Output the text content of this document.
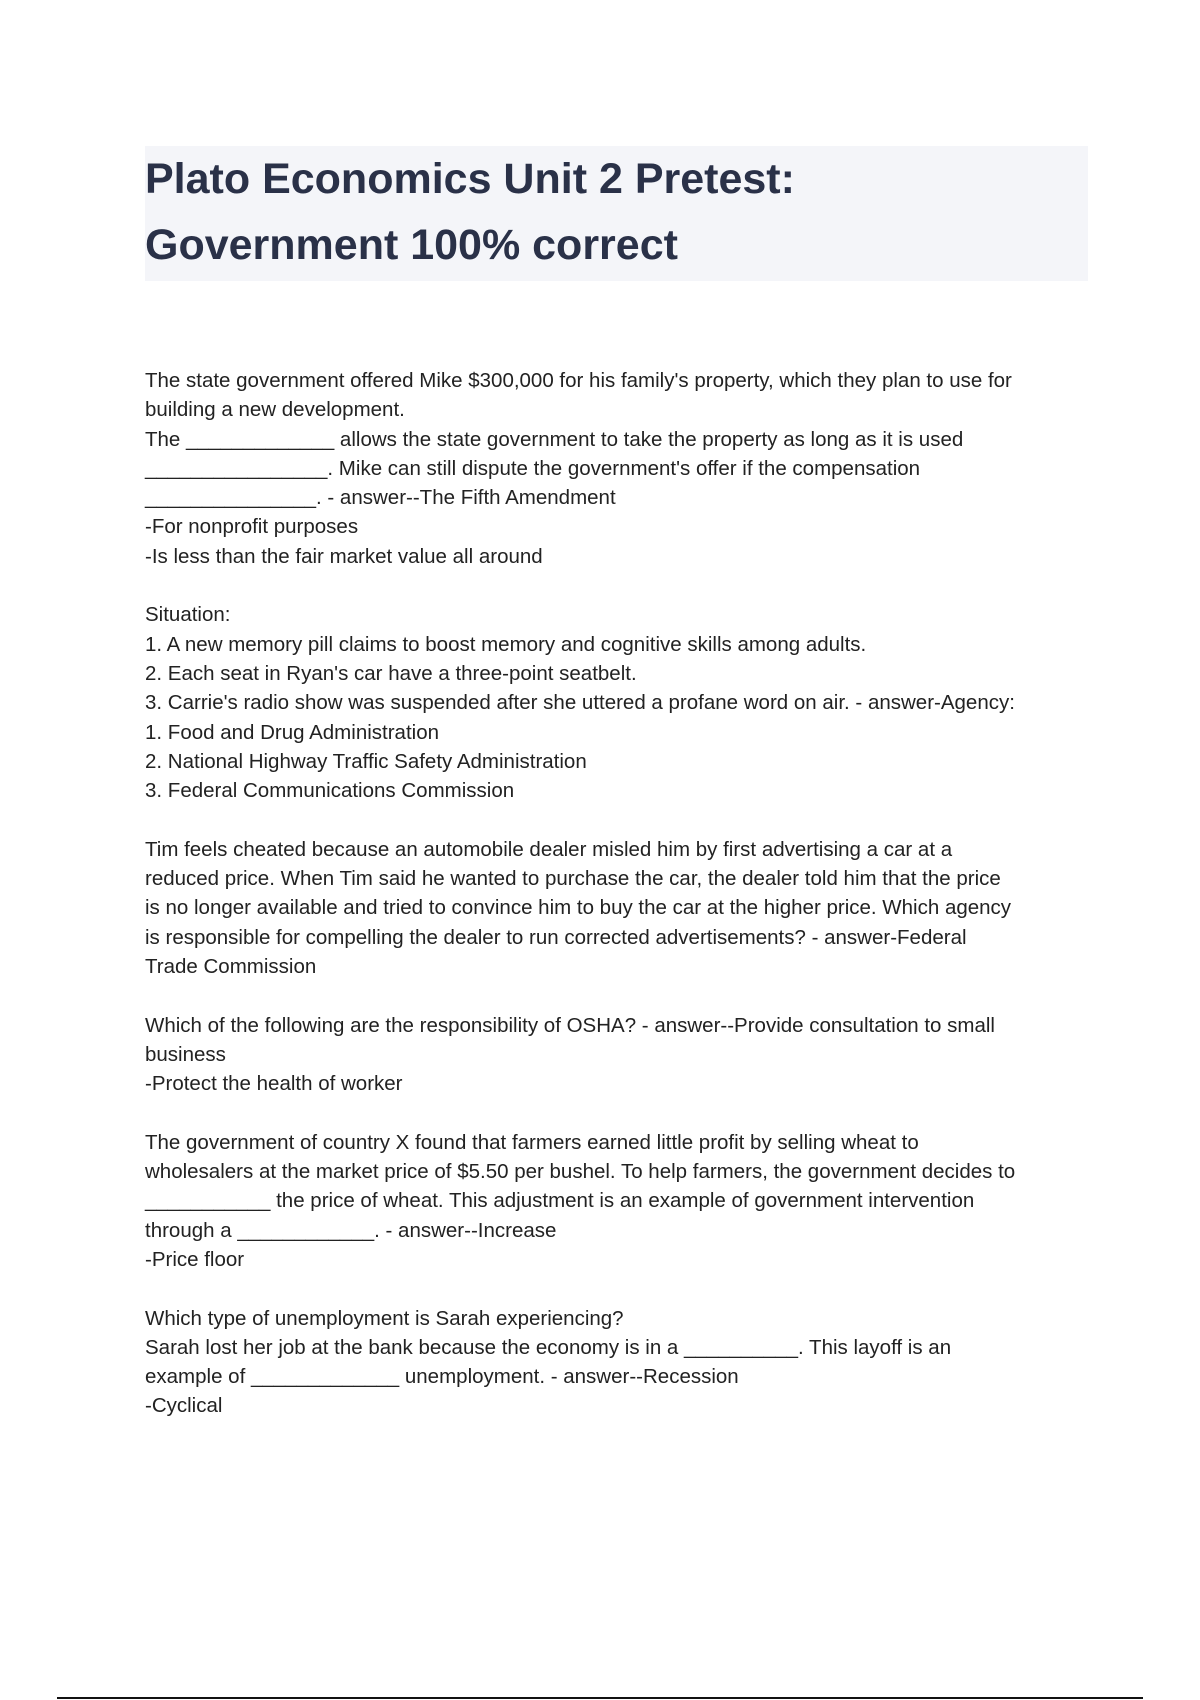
Plato Economics Unit 2 Pretest:
Government 100% correct
The state government offered Mike $300,000 for his family's property, which they plan to use for
building a new development.
The _____________ allows the state government to take the property as long as it is used
________________. Mike can still dispute the government's offer if the compensation
_______________. - answer--The Fifth Amendment
-For nonprofit purposes
-Is less than the fair market value all around
Situation:
1. A new memory pill claims to boost memory and cognitive skills among adults.
2. Each seat in Ryan's car have a three-point seatbelt.
3. Carrie's radio show was suspended after she uttered a profane word on air. - answer-Agency:
1. Food and Drug Administration
2. National Highway Traffic Safety Administration
3. Federal Communications Commission
Tim feels cheated because an automobile dealer misled him by first advertising a car at a
reduced price. When Tim said he wanted to purchase the car, the dealer told him that the price
is no longer available and tried to convince him to buy the car at the higher price. Which agency
is responsible for compelling the dealer to run corrected advertisements? - answer-Federal
Trade Commission
Which of the following are the responsibility of OSHA? - answer--Provide consultation to small
business
-Protect the health of worker
The government of country X found that farmers earned little profit by selling wheat to
wholesalers at the market price of $5.50 per bushel. To help farmers, the government decides to
___________ the price of wheat. This adjustment is an example of government intervention
through a ____________. - answer--Increase
-Price floor
Which type of unemployment is Sarah experiencing?
Sarah lost her job at the bank because the economy is in a __________. This layoff is an
example of _____________ unemployment. - answer--Recession
-Cyclical
